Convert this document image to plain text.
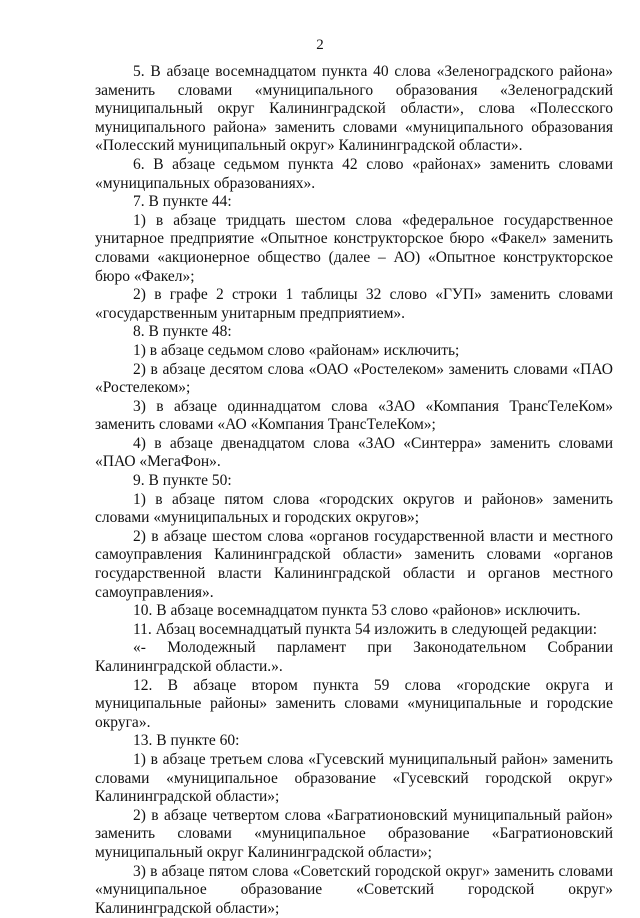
2

5. В абзаце восемнадцатом пункта 40 слова «Зеленоградского района» заменить словами «муниципального образования «Зеленоградский муниципальный округ Калининградской области», слова «Полесского муниципального района» заменить словами «муниципального образования «Полесский муниципальный округ» Калининградской области».

6. В абзаце седьмом пункта 42 слово «районах» заменить словами «муниципальных образованиях».

7. В пункте 44:

1) в абзаце тридцать шестом слова «федеральное государственное унитарное предприятие «Опытное конструкторское бюро «Факел» заменить словами «акционерное общество (далее – АО) «Опытное конструкторское бюро «Факел»;

2) в графе 2 строки 1 таблицы 32 слово «ГУП» заменить словами «государственным унитарным предприятием».

8. В пункте 48:

1) в абзаце седьмом слово «районам» исключить;

2) в абзаце десятом слова «ОАО «Ростелеком» заменить словами «ПАО «Ростелеком»;

3) в абзаце одиннадцатом слова «ЗАО «Компания ТрансТелеКом» заменить словами «АО «Компания ТрансТелеКом»;

4) в абзаце двенадцатом слова «ЗАО «Синтерра» заменить словами «ПАО «МегаФон».

9. В пункте 50:

1) в абзаце пятом слова «городских округов и районов» заменить словами «муниципальных и городских округов»;

2) в абзаце шестом слова «органов государственной власти и местного самоуправления Калининградской области» заменить словами «органов государственной власти Калининградской области и органов местного самоуправления».

10. В абзаце восемнадцатом пункта 53 слово «районов» исключить.

11. Абзац восемнадцатый пункта 54 изложить в следующей редакции:

«- Молодежный парламент при Законодательном Собрании Калининградской области.».

12. В абзаце втором пункта 59 слова «городские округа и муниципальные районы» заменить словами «муниципальные и городские округа».

13. В пункте 60:

1) в абзаце третьем слова «Гусевский муниципальный район» заменить словами «муниципальное образование «Гусевский городской округ» Калининградской области»;

2) в абзаце четвертом слова «Багратионовский муниципальный район» заменить словами «муниципальное образование «Багратионовский муниципальный округ Калининградской области»;

3) в абзаце пятом слова «Советский городской округ» заменить словами «муниципальное образование «Советский городской округ» Калининградской области»;
